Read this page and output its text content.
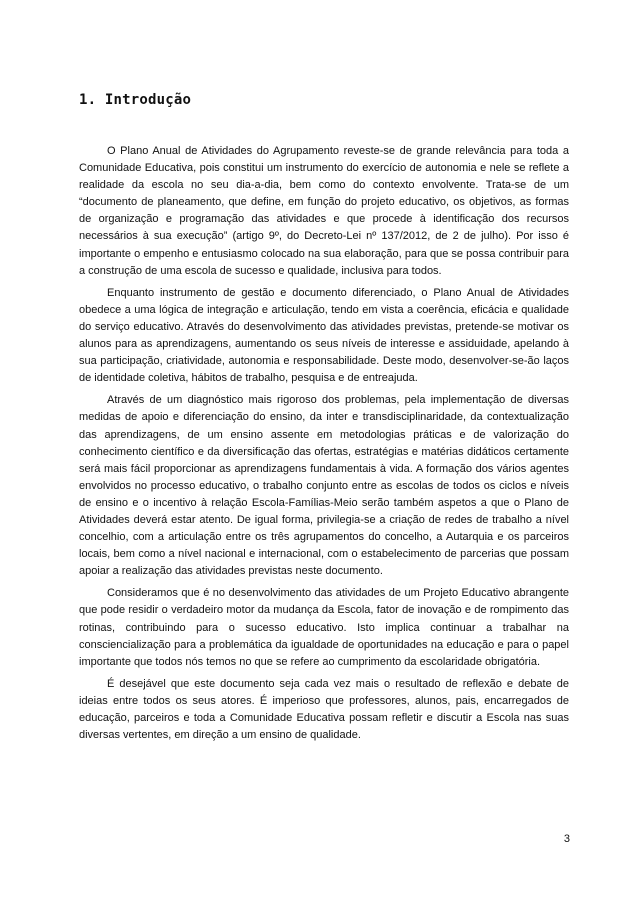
1. Introdução

O Plano Anual de Atividades do Agrupamento reveste-se de grande relevância para toda a Comunidade Educativa, pois constitui um instrumento do exercício de autonomia e nele se reflete a realidade da escola no seu dia-a-dia, bem como do contexto envolvente. Trata-se de um “documento de planeamento, que define, em função do projeto educativo, os objetivos, as formas de organização e programação das atividades e que procede à identificação dos recursos necessários à sua execução” (artigo 9º, do Decreto-Lei nº 137/2012, de 2 de julho). Por isso é importante o empenho e entusiasmo colocado na sua elaboração, para que se possa contribuir para a construção de uma escola de sucesso e qualidade, inclusiva para todos.

Enquanto instrumento de gestão e documento diferenciado, o Plano Anual de Atividades obedece a uma lógica de integração e articulação, tendo em vista a coerência, eficácia e qualidade do serviço educativo. Através do desenvolvimento das atividades previstas, pretende-se motivar os alunos para as aprendizagens, aumentando os seus níveis de interesse e assiduidade, apelando à sua participação, criatividade, autonomia e responsabilidade. Deste modo, desenvolver-se-ão laços de identidade coletiva, hábitos de trabalho, pesquisa e de entreajuda.

Através de um diagnóstico mais rigoroso dos problemas, pela implementação de diversas medidas de apoio e diferenciação do ensino, da inter e transdisciplinaridade, da contextualização das aprendizagens, de um ensino assente em metodologias práticas e de valorização do conhecimento científico e da diversificação das ofertas, estratégias e matérias didáticos certamente será mais fácil proporcionar as aprendizagens fundamentais à vida. A formação dos vários agentes envolvidos no processo educativo, o trabalho conjunto entre as escolas de todos os ciclos e níveis de ensino e o incentivo à relação Escola-Famílias-Meio serão também aspetos a que o Plano de Atividades deverá estar atento. De igual forma, privilegia-se a criação de redes de trabalho a nível concelhio, com a articulação entre os três agrupamentos do concelho, a Autarquia e os parceiros locais, bem como a nível nacional e internacional, com o estabelecimento de parcerias que possam apoiar a realização das atividades previstas neste documento.

Consideramos que é no desenvolvimento das atividades de um Projeto Educativo abrangente que pode residir o verdadeiro motor da mudança da Escola, fator de inovação e de rompimento das rotinas, contribuindo para o sucesso educativo. Isto implica continuar a trabalhar na consciencialização para a problemática da igualdade de oportunidades na educação e para o papel importante que todos nós temos no que se refere ao cumprimento da escolaridade obrigatória.

É desejável que este documento seja cada vez mais o resultado de reflexão e debate de ideias entre todos os seus atores. É imperioso que professores, alunos, pais, encarregados de educação, parceiros e toda a Comunidade Educativa possam refletir e discutir a Escola nas suas diversas vertentes, em direção a um ensino de qualidade.

3
